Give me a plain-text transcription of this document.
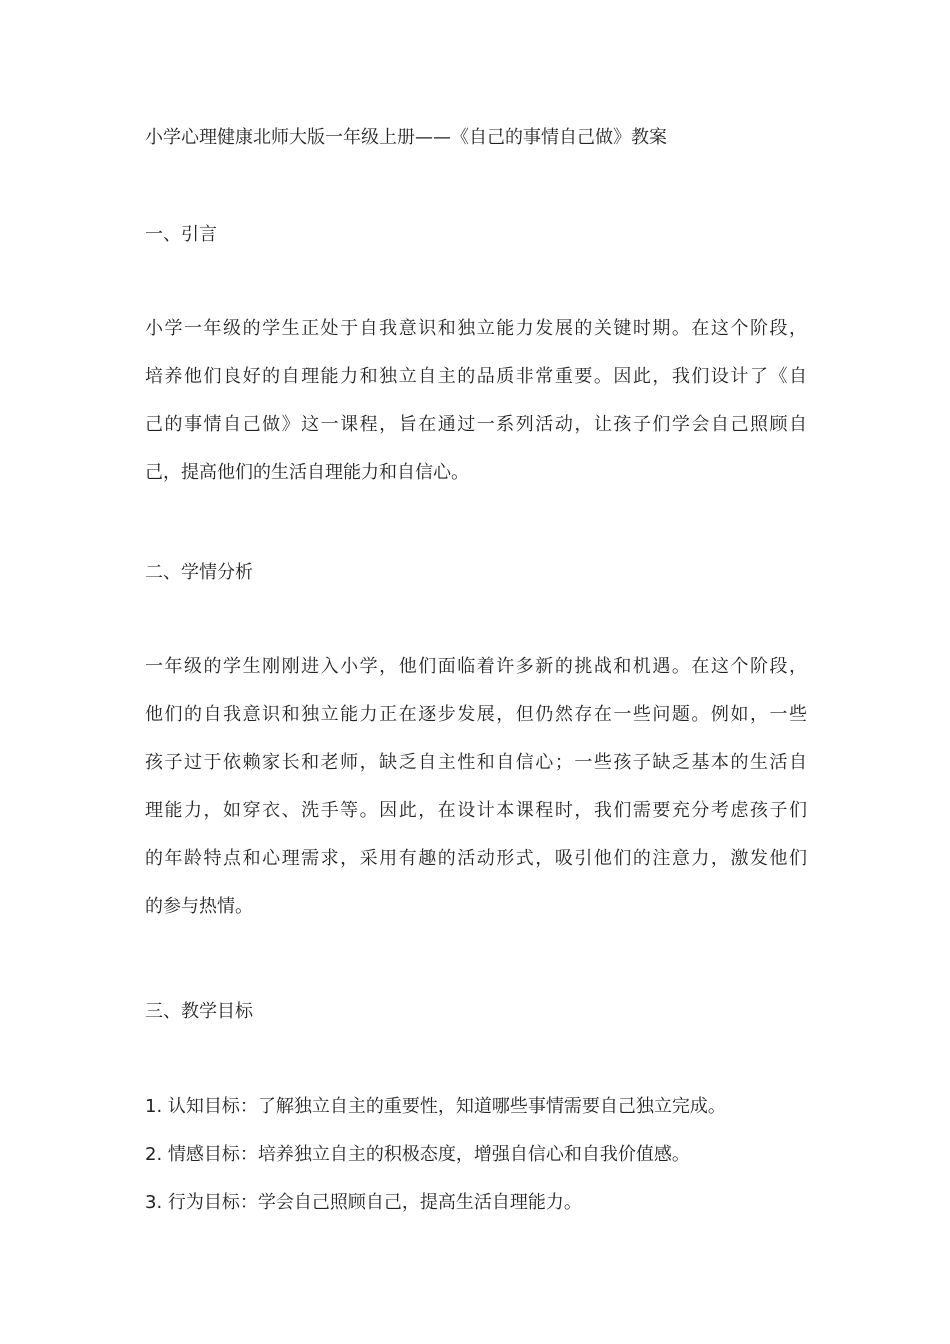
小学心理健康北师大版一年级上册——《自己的事情自己做》教案
一、引言
小学一年级的学生正处于自我意识和独立能力发展的关键时期。在这个阶段，
培养他们良好的自理能力和独立自主的品质非常重要。因此，我们设计了《自
己的事情自己做》这一课程，旨在通过一系列活动，让孩子们学会自己照顾自
己，提高他们的生活自理能力和自信心。
二、学情分析
一年级的学生刚刚进入小学，他们面临着许多新的挑战和机遇。在这个阶段，
他们的自我意识和独立能力正在逐步发展，但仍然存在一些问题。例如，一些
孩子过于依赖家长和老师，缺乏自主性和自信心；一些孩子缺乏基本的生活自
理能力，如穿衣、洗手等。因此，在设计本课程时，我们需要充分考虑孩子们
的年龄特点和心理需求，采用有趣的活动形式，吸引他们的注意力，激发他们
的参与热情。
三、教学目标
1. 认知目标：了解独立自主的重要性，知道哪些事情需要自己独立完成。
2. 情感目标：培养独立自主的积极态度，增强自信心和自我价值感。
3. 行为目标：学会自己照顾自己，提高生活自理能力。
